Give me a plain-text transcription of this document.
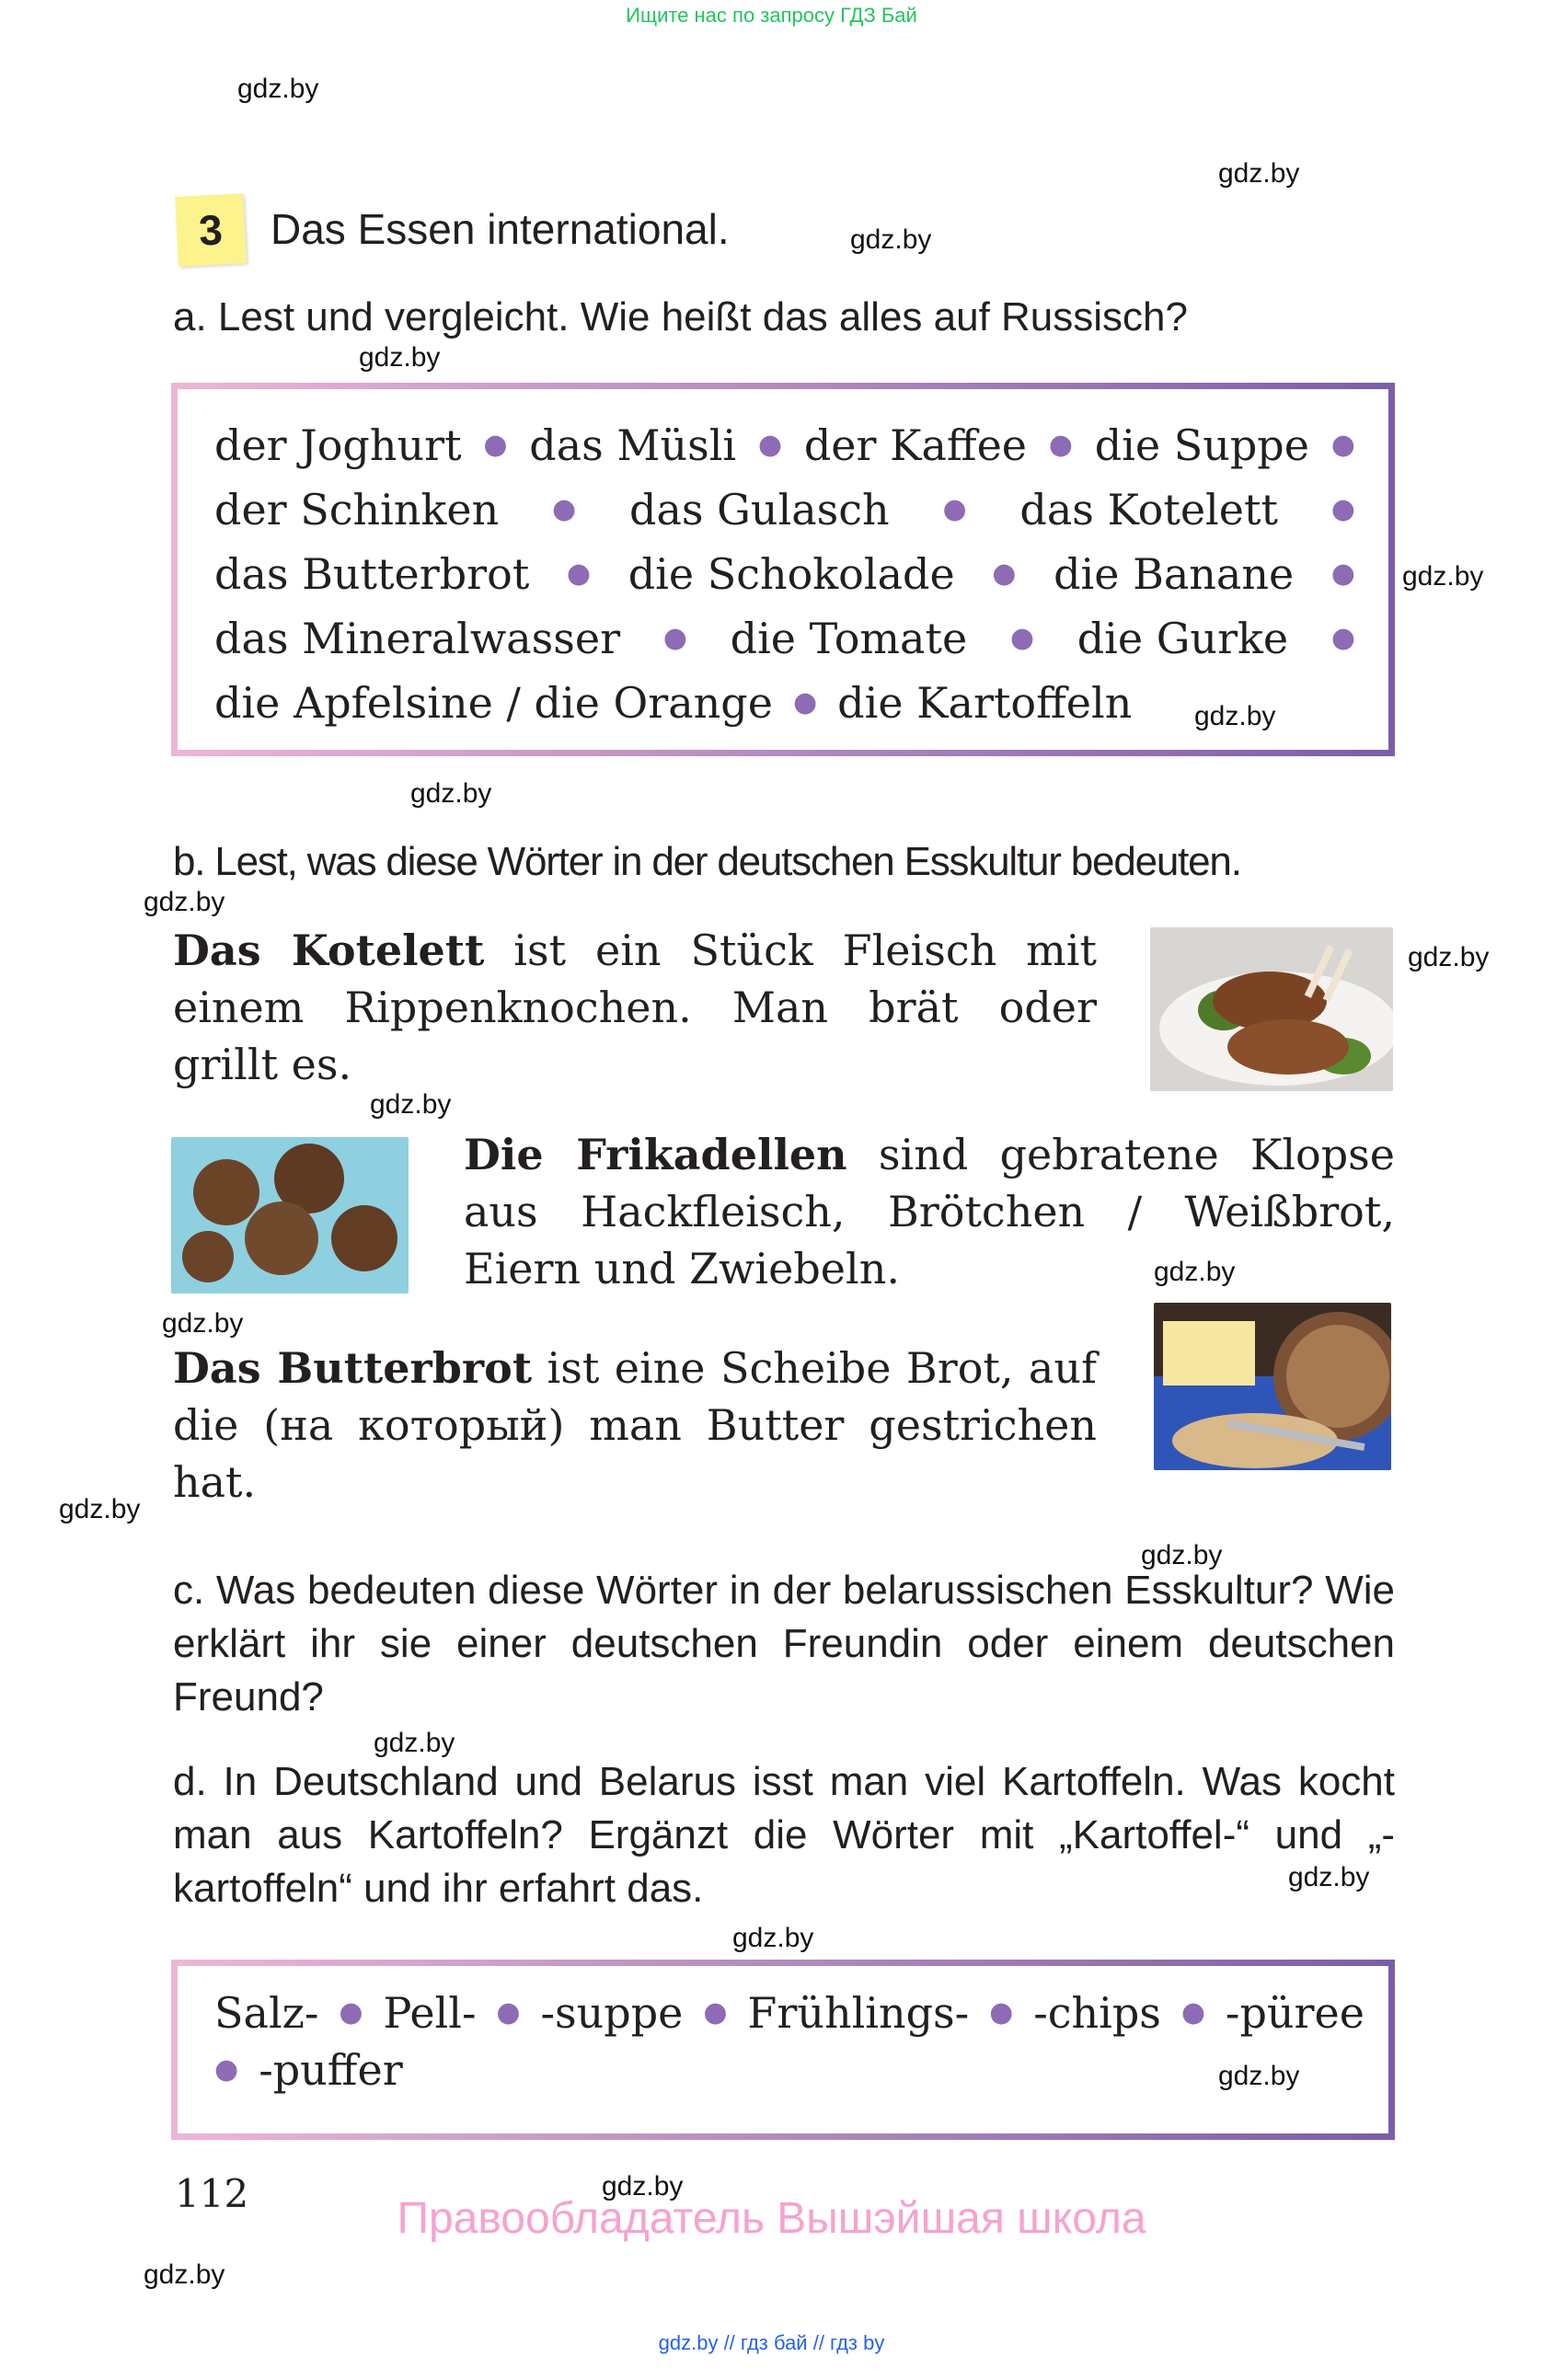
Ищите нас по запросу ГДЗ Бай
gdz.by
gdz.by
gdz.by
gdz.by
gdz.by
gdz.by
gdz.by
gdz.by
gdz.by
gdz.by
gdz.by
gdz.by
gdz.by
gdz.by
gdz.by
gdz.by
gdz.by
gdz.by
gdz.by
gdz.by
3	Das Essen international.
a. Lest und vergleicht. Wie heißt das alles auf Russisch?
der Joghurt ● das Müsli ● der Kaffee ● die Suppe ●
der Schinken ● das Gulasch ● das Kotelett ●
das Butterbrot ● die Schokolade ● die Banane ●
das Mineralwasser ● die Tomate ● die Gurke ●
die Apfelsine / die Orange ● die Kartoffeln
b. Lest, was diese Wörter in der deutschen Esskultur bedeuten.
Das Kotelett ist ein Stück Fleisch mit einem Rippenknochen. Man brät oder grillt es.
Die Frikadellen sind gebratene Klopse aus Hackfleisch, Brötchen / Weißbrot, Eiern und Zwiebeln.
Das Butterbrot ist eine Scheibe Brot, auf die (на который) man Butter gestrichen hat.
c. Was bedeuten diese Wörter in der belarussischen Esskultur? Wie erklärt ihr sie einer deutschen Freundin oder einem deutschen Freund?
d. In Deutschland und Belarus isst man viel Kartoffeln. Was kocht man aus Kartoffeln? Ergänzt die Wörter mit „Kartoffel-“ und „-kartoffeln“ und ihr erfahrt das.
Salz- ● Pell- ● -suppe ● Frühlings- ● -chips ● -püree
● -puffer
112
Правообладатель Вышэйшая школа
gdz.by // гдз бай // гдз by
